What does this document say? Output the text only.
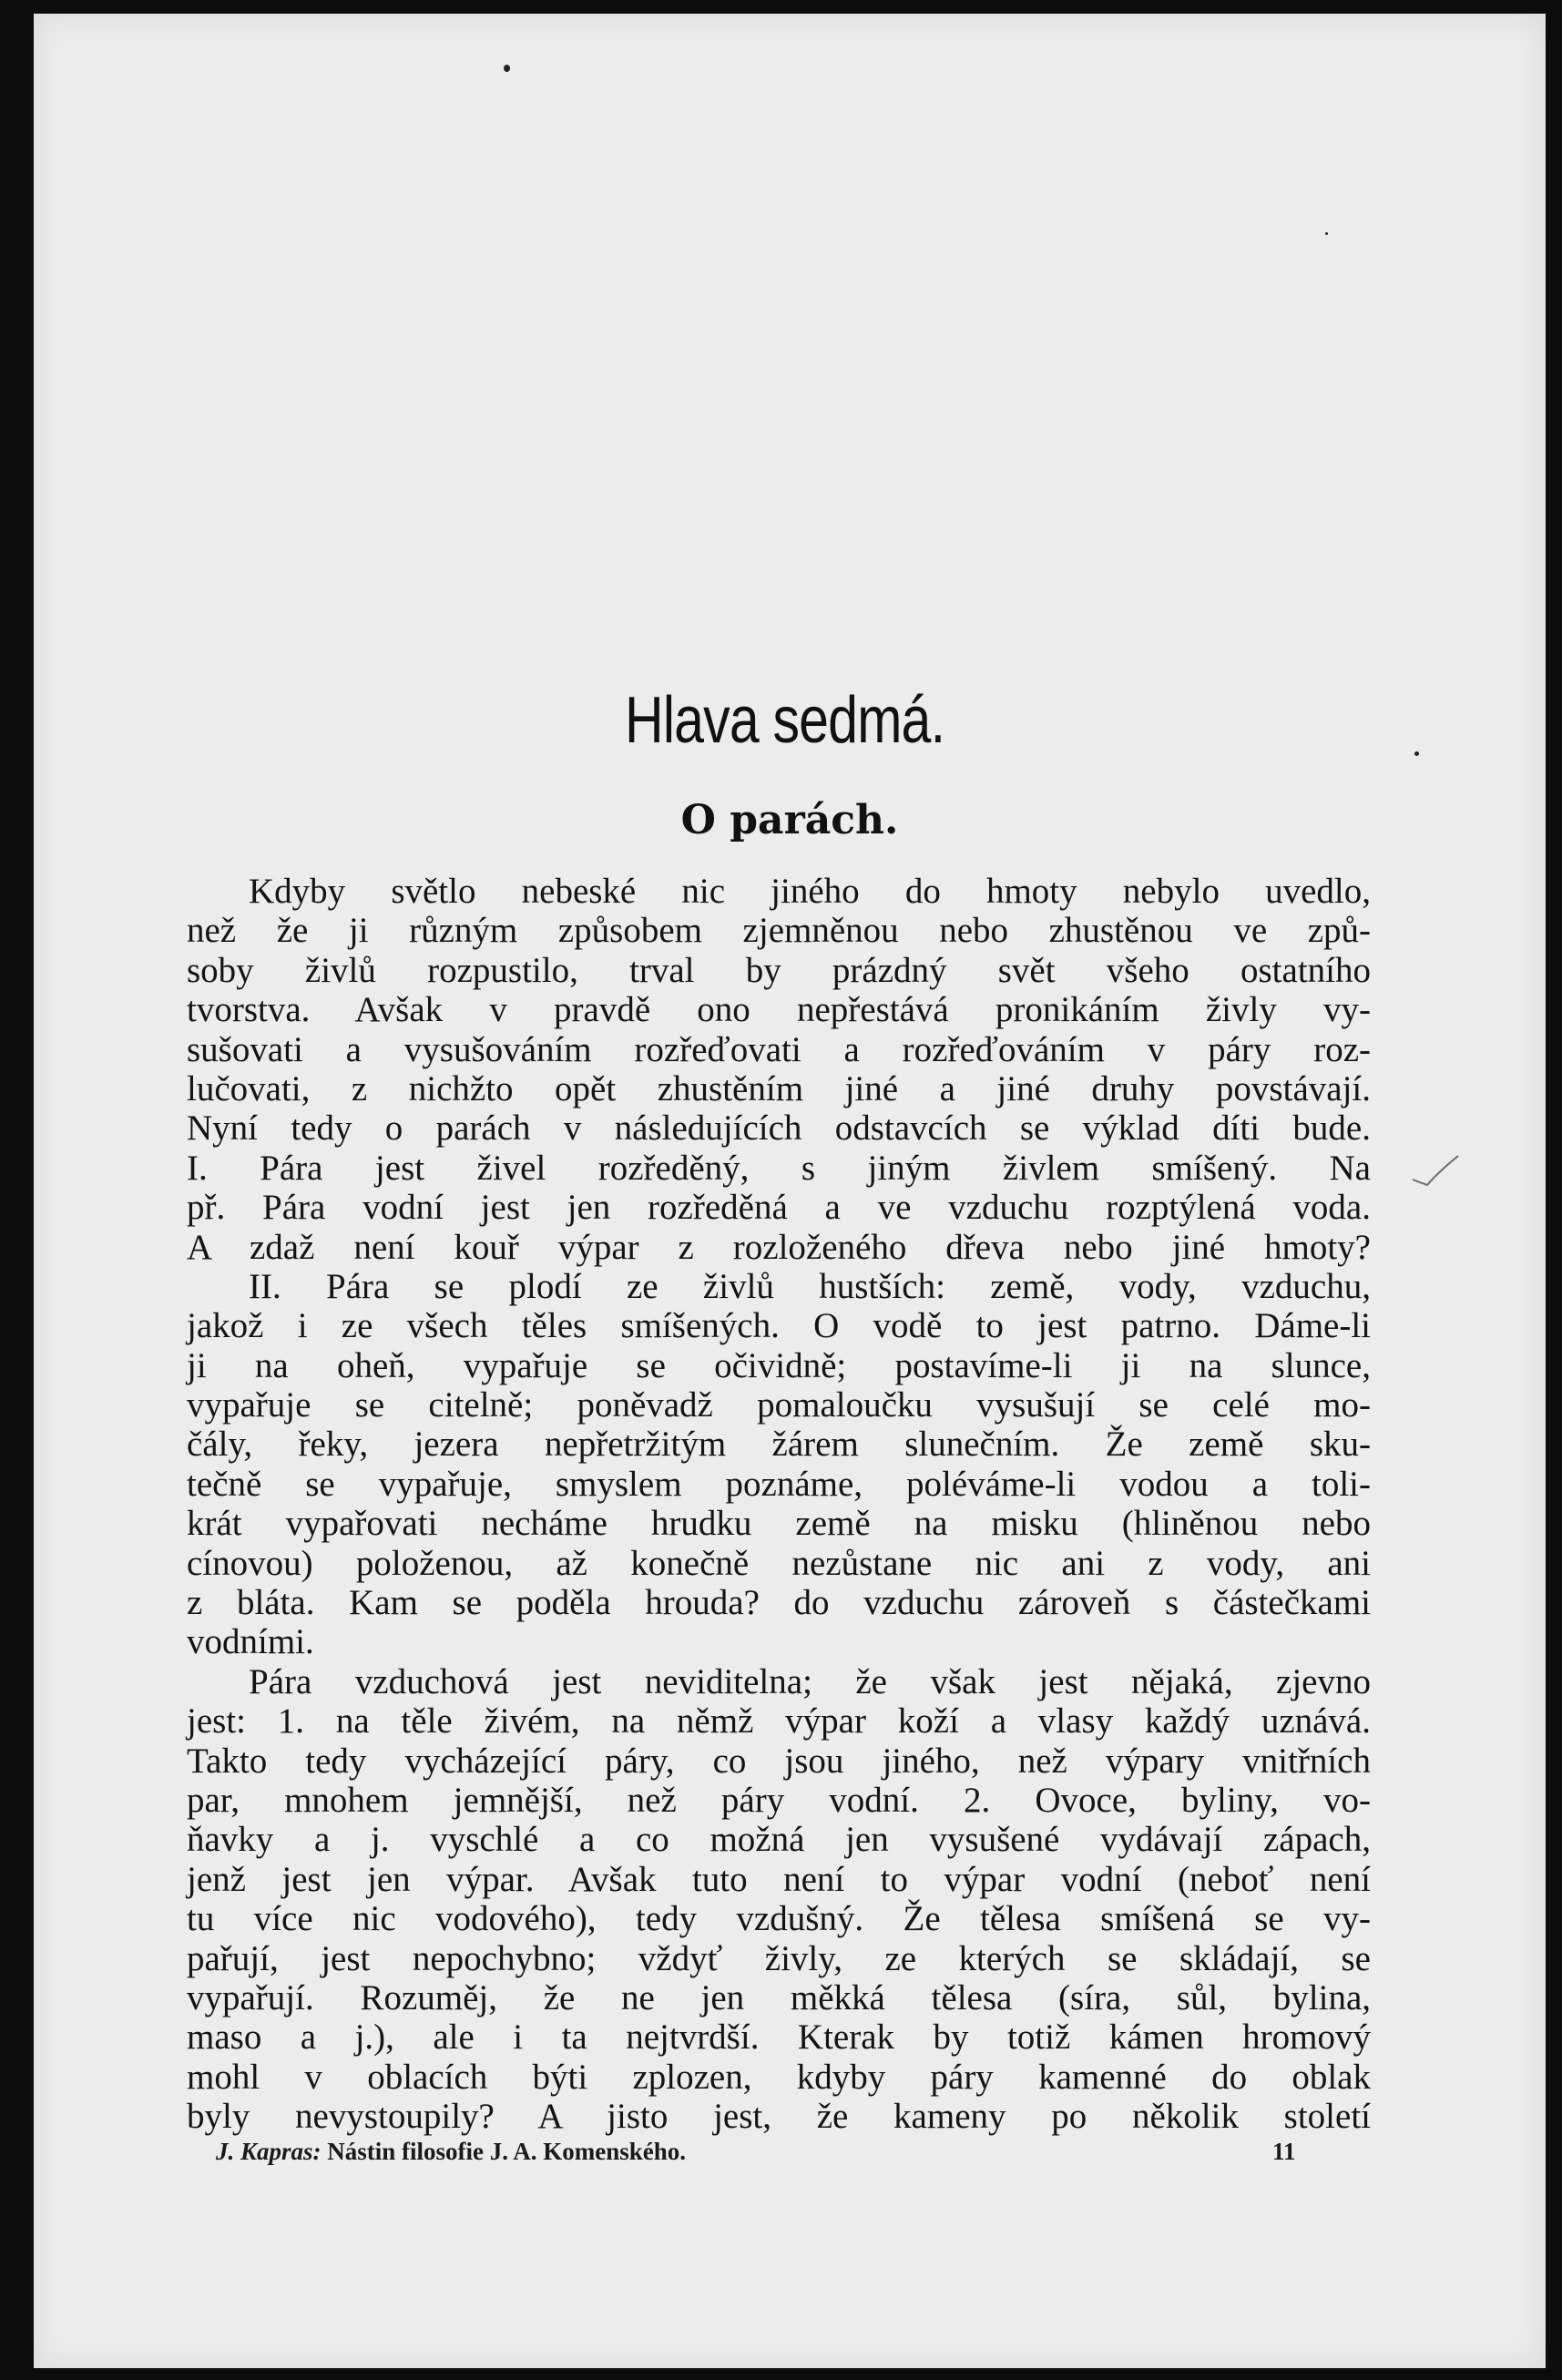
Hlava sedmá.
O parách.
Kdyby světlo nebeské nic jiného do hmoty nebylo uvedlo,
než že ji různým způsobem zjemněnou nebo zhustěnou ve způ-
soby živlů rozpustilo, trval by prázdný svět všeho ostatního
tvorstva. Avšak v pravdě ono nepřestává pronikáním živly vy-
sušovati a vysušováním rozřeďovati a rozřeďováním v páry roz-
lučovati, z nichžto opět zhustěním jiné a jiné druhy povstávají.
Nyní tedy o parách v následujících odstavcích se výklad díti bude.
I. Pára jest živel rozředěný, s jiným živlem smíšený. Na
př. Pára vodní jest jen rozředěná a ve vzduchu rozptýlená voda.
A zdaž není kouř výpar z rozloženého dřeva nebo jiné hmoty?
II. Pára se plodí ze živlů hustších: země, vody, vzduchu,
jakož i ze všech těles smíšených. O vodě to jest patrno. Dáme-li
ji na oheň, vypařuje se očividně; postavíme-li ji na slunce,
vypařuje se citelně; poněvadž pomaloučku vysušují se celé mo-
čály, řeky, jezera nepřetržitým žárem slunečním. Že země sku-
tečně se vypařuje, smyslem poznáme, poléváme-li vodou a toli-
krát vypařovati necháme hrudku země na misku (hliněnou nebo
cínovou) položenou, až konečně nezůstane nic ani z vody, ani
z bláta. Kam se poděla hrouda? do vzduchu zároveň s částečkami
vodními.
Pára vzduchová jest neviditelna; že však jest nějaká, zjevno
jest: 1. na těle živém, na němž výpar koží a vlasy každý uznává.
Takto tedy vycházející páry, co jsou jiného, než výpary vnitřních
par, mnohem jemnější, než páry vodní. 2. Ovoce, byliny, vo-
ňavky a j. vyschlé a co možná jen vysušené vydávají zápach,
jenž jest jen výpar. Avšak tuto není to výpar vodní (neboť není
tu více nic vodového), tedy vzdušný. Že tělesa smíšená se vy-
pařují, jest nepochybno; vždyť živly, ze kterých se skládají, se
vypařují. Rozuměj, že ne jen měkká tělesa (síra, sůl, bylina,
maso a j.), ale i ta nejtvrdší. Kterak by totiž kámen hromový
mohl v oblacích býti zplozen, kdyby páry kamenné do oblak
byly nevystoupily? A jisto jest, že kameny po několik století
J. Kapras: Nástin filosofie J. A. Komenského.	11
